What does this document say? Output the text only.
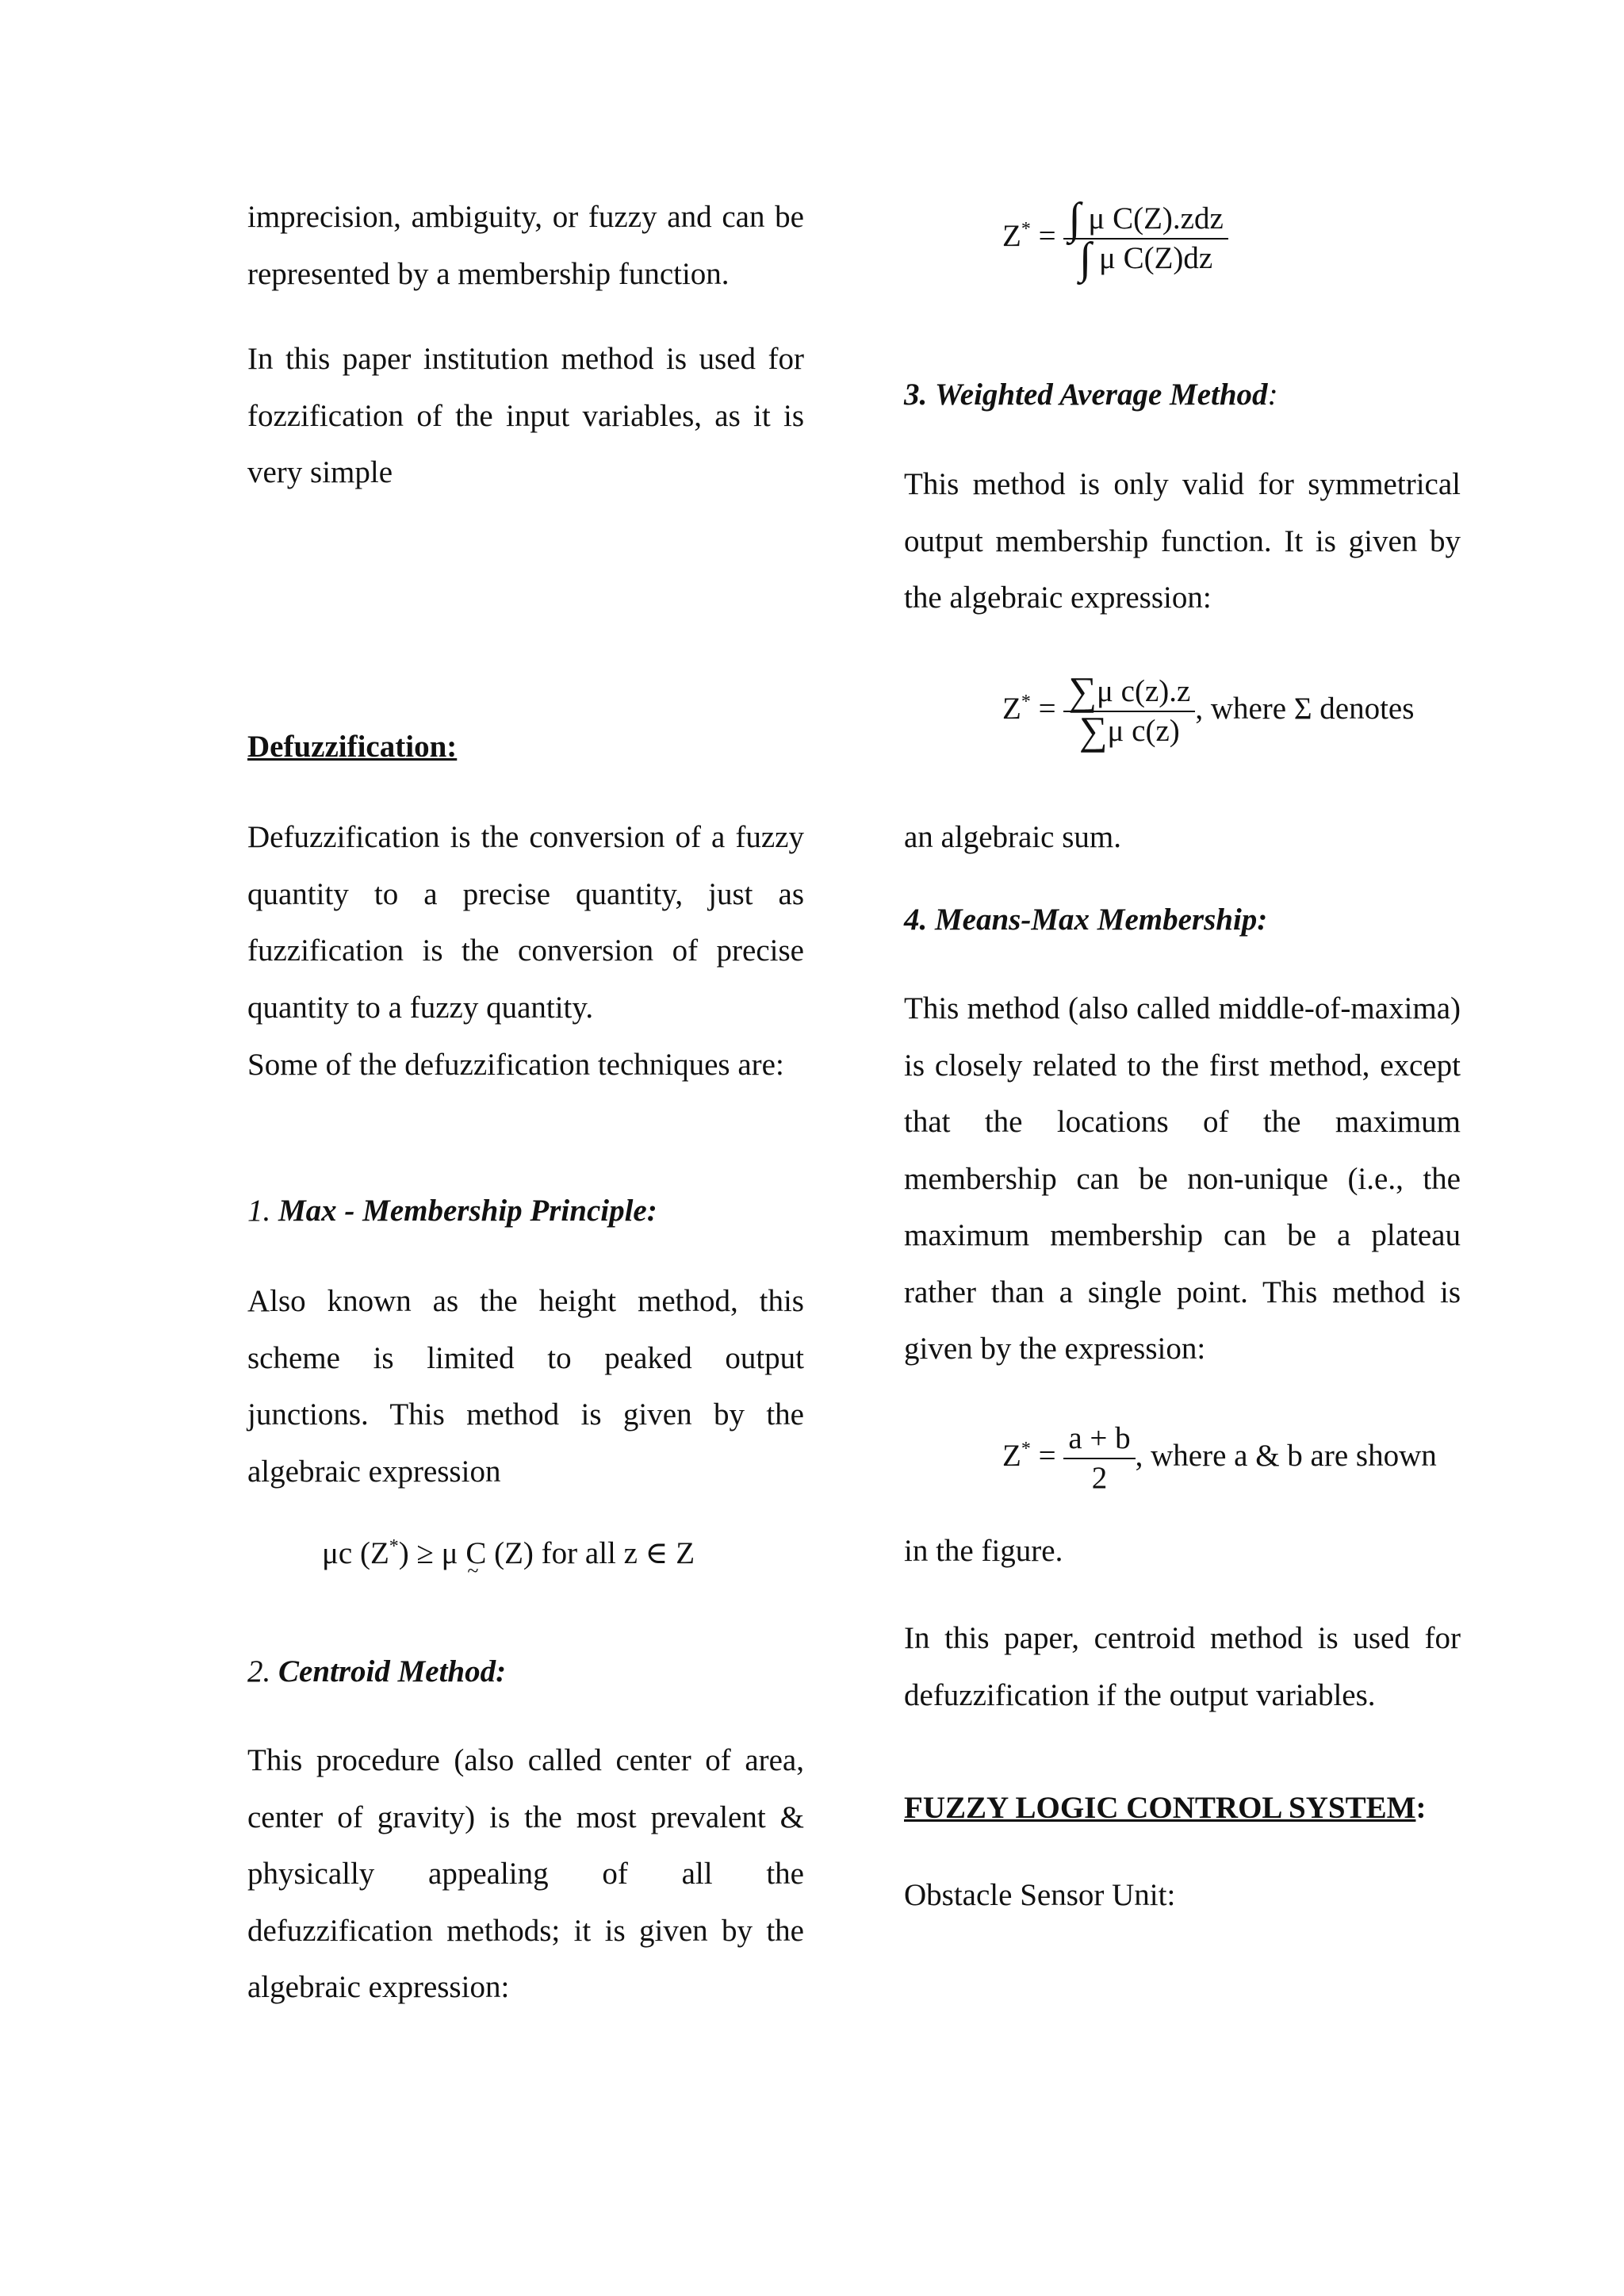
imprecision, ambiguity, or fuzzy and can be represented by a membership function.
In this paper institution method is used for fozzification of the input variables, as it is very simple
Defuzzification:
Defuzzification is the conversion of a fuzzy quantity to a precise quantity, just as fuzzification is the conversion of precise quantity to a fuzzy quantity.
Some of the defuzzification techniques are:
1. Max - Membership Principle:
Also known as the height method, this scheme is limited to peaked output junctions. This method is given by the algebraic expression
μc (Z*) ≥ μ C ~ (Z) for all z ∈ Z
2. Centroid Method:
This procedure (also called center of area, center of gravity) is the most prevalent & physically appealing of all the defuzzification methods; it is given by the algebraic expression:
$Z^* = \frac{\text{∫ μ C(Z).zdz}}{\text{∫ μ C(Z)dz}}$
3. Weighted Average Method:
This method is only valid for symmetrical output membership function. It is given by the algebraic expression:
$Z^* = \frac{\text{∑μ c(z).z}}{\text{∑μ c(z)}}$ , where Σ denotes
an algebraic sum.
4. Means-Max Membership:
This method (also called middle-of-maxima) is closely related to the first method, except that the locations of the maximum membership can be non-unique (i.e., the maximum membership can be a plateau rather than a single point. This method is given by the expression:
$Z^* = \frac{a + b}{2}$ , where a & b are shown
in the figure.
In this paper, centroid method is used for defuzzification if the output variables.
FUZZY LOGIC CONTROL SYSTEM:
Obstacle Sensor Unit:
